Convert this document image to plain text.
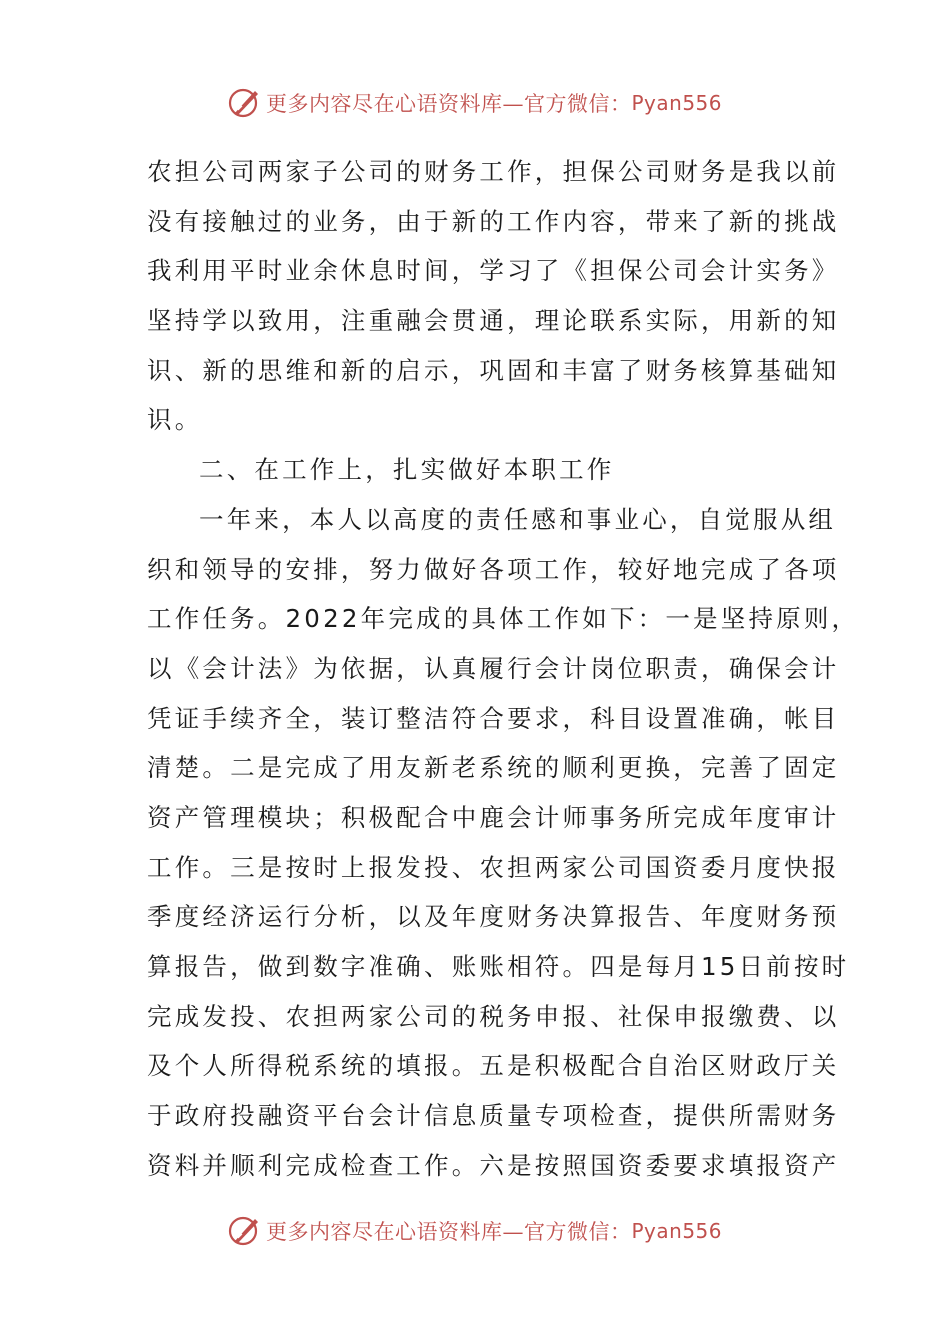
更多内容尽在心语资料库—官方微信： Pyan556
农担公司两家子公司的财务工作，担保公司财务是我以前
没有接触过的业务，由于新的工作内容，带来了新的挑战
我利用平时业余休息时间，学习了《担保公司会计实务》
坚持学以致用，注重融会贯通，理论联系实际，用新的知
识、新的思维和新的启示，巩固和丰富了财务核算基础知
识。
二、在工作上，扎实做好本职工作
一年来，本人以高度的责任感和事业心，自觉服从组
织和领导的安排，努力做好各项工作，较好地完成了各项
工作任务。2022年完成的具体工作如下：一是坚持原则，
以《会计法》为依据，认真履行会计岗位职责，确保会计
凭证手续齐全，装订整洁符合要求，科目设置准确，帐目
清楚。二是完成了用友新老系统的顺利更换，完善了固定
资产管理模块；积极配合中鹿会计师事务所完成年度审计
工作。三是按时上报发投、农担两家公司国资委月度快报
季度经济运行分析，以及年度财务决算报告、年度财务预
算报告，做到数字准确、账账相符。四是每月15日前按时
完成发投、农担两家公司的税务申报、社保申报缴费、以
及个人所得税系统的填报。五是积极配合自治区财政厅关
于政府投融资平台会计信息质量专项检查，提供所需财务
资料并顺利完成检查工作。六是按照国资委要求填报资产
更多内容尽在心语资料库—官方微信： Pyan556
